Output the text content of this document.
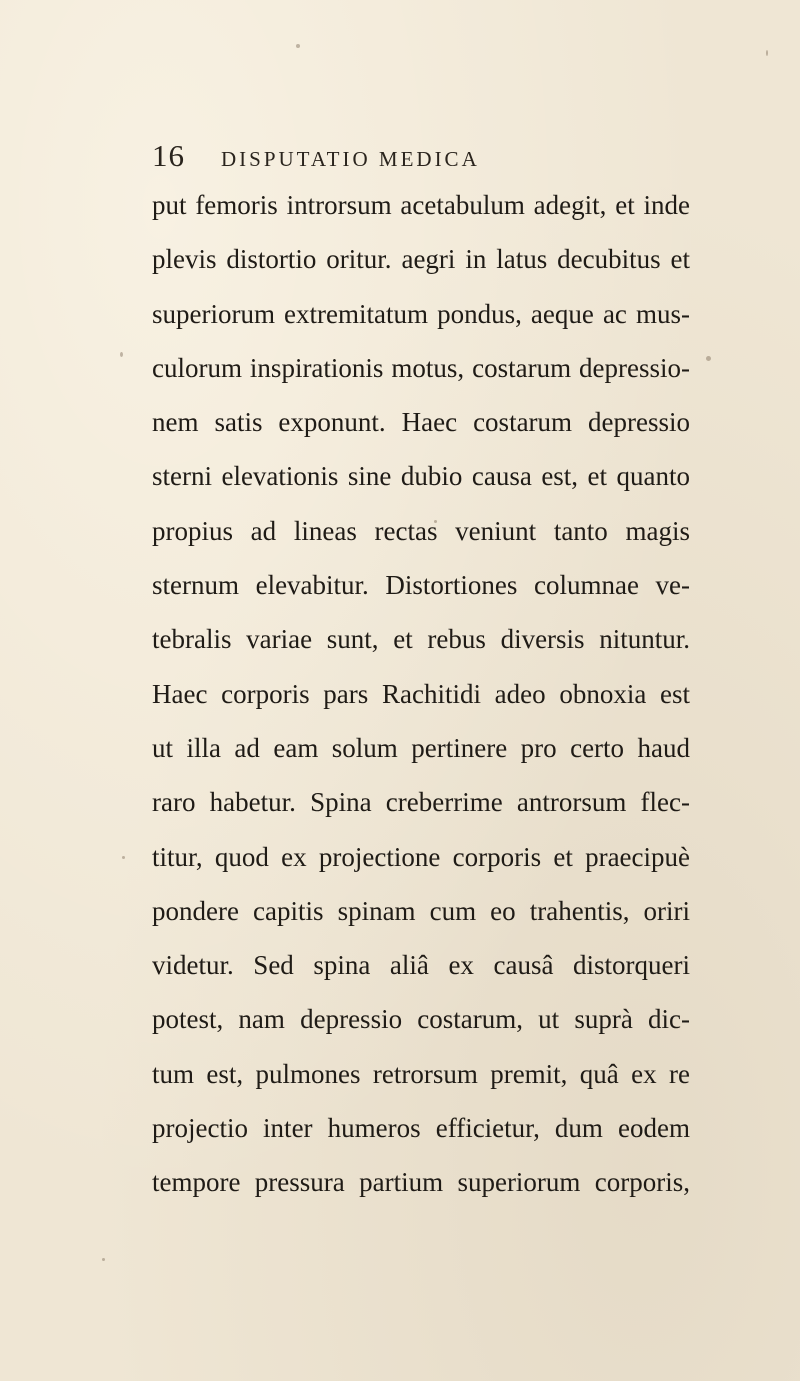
16 DISPUTATIO MEDICA
put femoris introrsum acetabulum adegit, et inde
plevis distortio oritur. aegri in latus decubitus et
superiorum extremitatum pondus, aeque ac mus-
culorum inspirationis motus, costarum depressio-
nem satis exponunt. Haec costarum depressio
sterni elevationis sine dubio causa est, et quanto
propius ad lineas rectas veniunt tanto magis
sternum elevabitur. Distortiones columnae ve-
tebralis variae sunt, et rebus diversis nituntur.
Haec corporis pars Rachitidi adeo obnoxia est
ut illa ad eam solum pertinere pro certo haud
raro habetur. Spina creberrime antrorsum flec-
titur, quod ex projectione corporis et praecipuè
pondere capitis spinam cum eo trahentis, oriri
videtur. Sed spina aliâ ex causâ distorqueri
potest, nam depressio costarum, ut suprà dic-
tum est, pulmones retrorsum premit, quâ ex re
projectio inter humeros efficietur, dum eodem
tempore pressura partium superiorum corporis,
